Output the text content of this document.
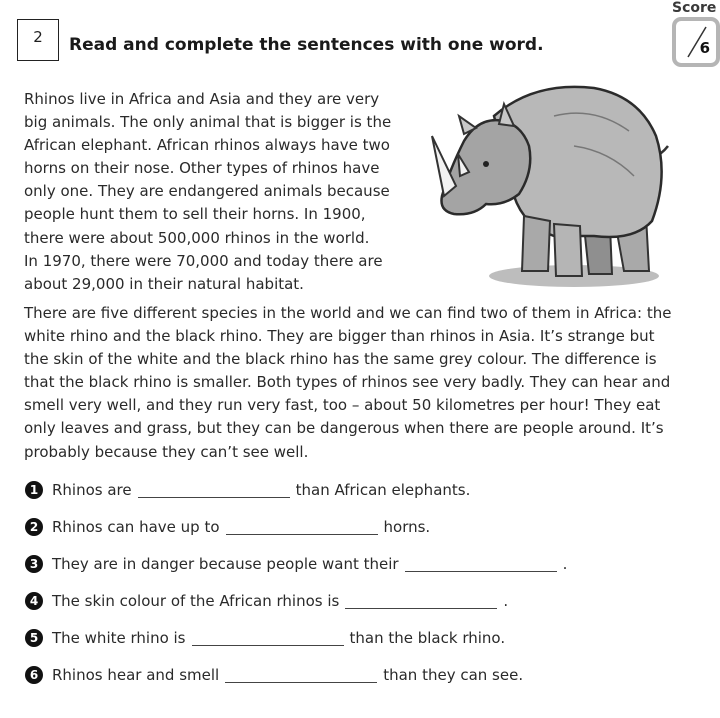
2 Read and complete the sentences with one word.
Score
6
Rhinos live in Africa and Asia and they are very
big animals. The only animal that is bigger is the
African elephant. African rhinos always have two
horns on their nose. Other types of rhinos have
only one. They are endangered animals because
people hunt them to sell their horns. In 1900,
there were about 500,000 rhinos in the world.
In 1970, there were 70,000 and today there are
about 29,000 in their natural habitat.
There are five different species in the world and we can find two of them in Africa: the
white rhino and the black rhino. They are bigger than rhinos in Asia. It’s strange but
the skin of the white and the black rhino has the same grey colour. The difference is
that the black rhino is smaller. Both types of rhinos see very badly. They can hear and
smell very well, and they run very fast, too – about 50 kilometres per hour! They eat
only leaves and grass, but they can be dangerous when there are people around. It’s
probably because they can’t see well.
1 Rhinos are	than African elephants.
2 Rhinos can have up to	horns.
3 They are in danger because people want their	.
4 The skin colour of the African rhinos is	.
5 The white rhino is	than the black rhino.
6 Rhinos hear and smell	than they can see.
